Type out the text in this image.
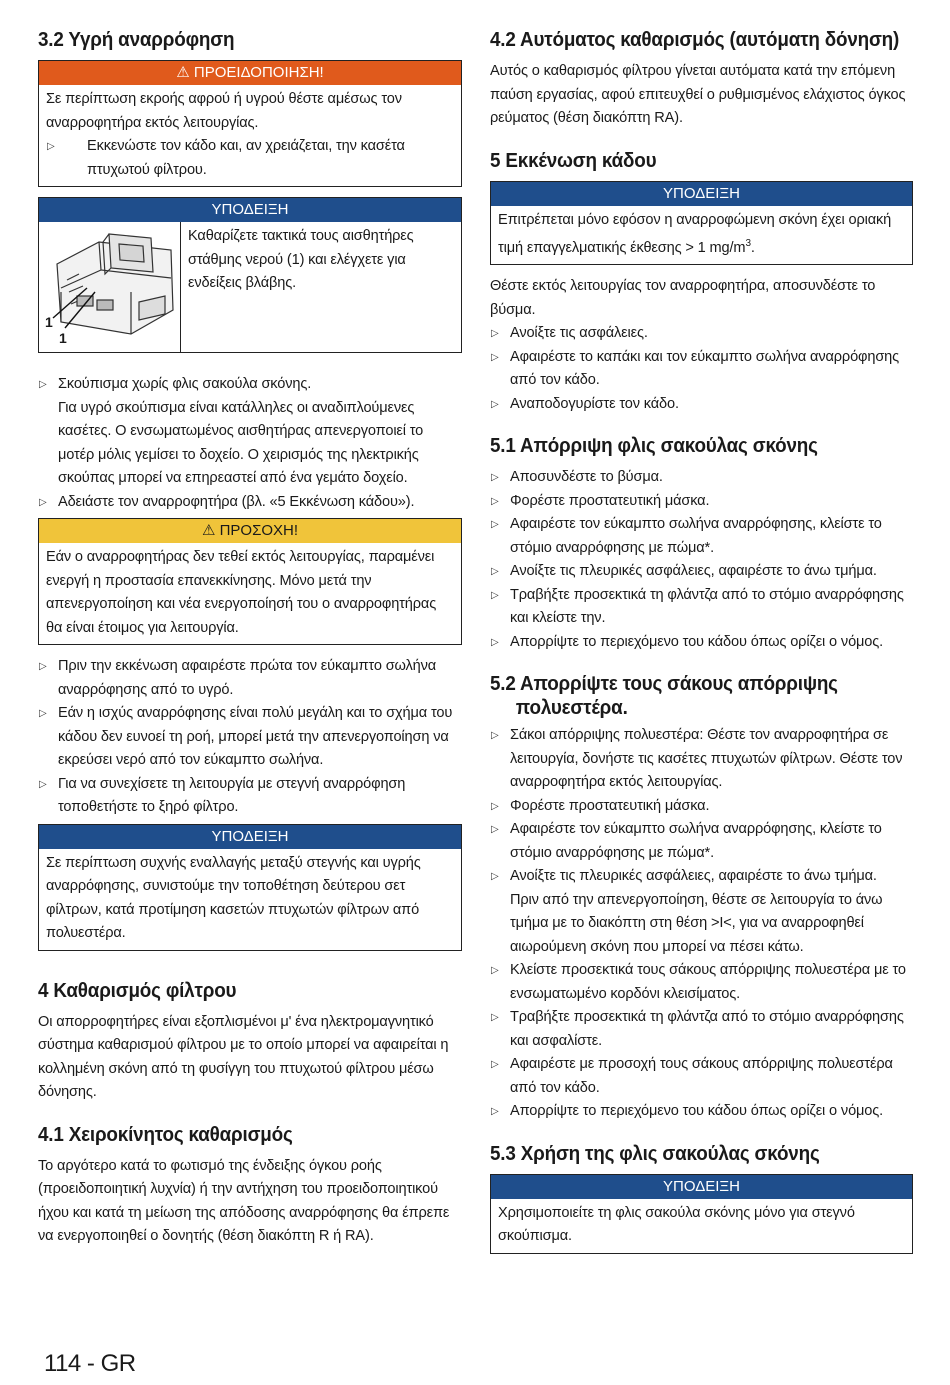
3.2 Υγρή αναρρόφηση
⚠ ΠΡΟΕΙΔΟΠΟΙΗΣΗ!
Σε περίπτωση εκροής αφρού ή υγρού θέστε αμέσως τον αναρροφητήρα εκτός λειτουργίας.
▷ Εκκενώστε τον κάδο και, αν χρειάζεται, την κασέτα πτυχωτού φίλτρου.
ΥΠΟΔΕΙΞΗ
1
1
Καθαρίζετε τακτικά τους αισθητήρες στάθμης νερού (1) και ελέγχετε για ενδείξεις βλάβης.
▷ Σκούπισμα χωρίς φλις σακούλα σκόνης.
Για υγρό σκούπισμα είναι κατάλληλες οι αναδιπλούμενες κασέτες. Ο ενσωματωμένος αισθητήρας απενεργοποιεί το μοτέρ μόλις γεμίσει το δοχείο. Ο χειρισμός της ηλεκτρικής σκούπας μπορεί να επηρεαστεί από ένα γεμάτο δοχείο.
▷ Αδειάστε τον αναρροφητήρα (βλ. «5 Εκκένωση κάδου»).
⚠ ΠΡΟΣΟΧΗ!
Εάν ο αναρροφητήρας δεν τεθεί εκτός λειτουργίας, παραμένει ενεργή η προστασία επανεκκίνησης. Μόνο μετά την απενεργοποίηση και νέα ενεργοποίησή του ο αναρροφητήρας θα είναι έτοιμος για λειτουργία.
▷ Πριν την εκκένωση αφαιρέστε πρώτα τον εύκαμπτο σωλήνα αναρρόφησης από το υγρό.
▷ Εάν η ισχύς αναρρόφησης είναι πολύ μεγάλη και το σχήμα του κάδου δεν ευνοεί τη ροή, μπορεί μετά την απενεργοποίηση να εκρεύσει νερό από τον εύκαμπτο σωλήνα.
▷ Για να συνεχίσετε τη λειτουργία με στεγνή αναρρόφηση τοποθετήστε το ξηρό φίλτρο.
ΥΠΟΔΕΙΞΗ
Σε περίπτωση συχνής εναλλαγής μεταξύ στεγνής και υγρής αναρρόφησης, συνιστούμε την τοποθέτηση δεύτερου σετ φίλτρων, κατά προτίμηση κασετών πτυχωτών φίλτρων από πολυεστέρα.
4 Καθαρισμός φίλτρου

Οι απορροφητήρες είναι εξοπλισμένοι μ' ένα ηλεκτρομαγνητικό σύστημα καθαρισμού φίλτρου με το οποίο μπορεί να αφαιρείται η κολλημένη σκόνη από τη φυσίγγη του πτυχωτού φίλτρου μέσω δόνησης.

4.1 Χειροκίνητος καθαρισμός

Το αργότερο κατά το φωτισμό της ένδειξης όγκου ροής (προειδοποιητική λυχνία) ή την αντήχηση του προειδοποιητικού ήχου και κατά τη μείωση της απόδοσης αναρρόφησης θα έπρεπε να ενεργοποιηθεί ο δονητής (θέση διακόπτη R ή RA).

4.2 Αυτόματος καθαρισμός (αυτόματη δόνηση)

Αυτός ο καθαρισμός φίλτρου γίνεται αυτόματα κατά την επόμενη παύση εργασίας, αφού επιτευχθεί ο ρυθμισμένος ελάχιστος όγκος ρεύματος (θέση διακόπτη RA).

5 Εκκένωση κάδου
ΥΠΟΔΕΙΞΗ
Επιτρέπεται μόνο εφόσον η αναρροφώμενη σκόνη έχει οριακή τιμή επαγγελματικής έκθεσης > 1 $mg/m^3$.

Θέστε εκτός λειτουργίας τον αναρροφητήρα, αποσυνδέστε το βύσμα.

▷ Ανοίξτε τις ασφάλειες.
▷ Αφαιρέστε το καπάκι και τον εύκαμπτο σωλήνα αναρρόφησης από τον κάδο.
▷ Αναποδογυρίστε τον κάδο.
5.1 Απόρριψη φλις σακούλας σκόνης
▷ Αποσυνδέστε το βύσμα.
▷ Φορέστε προστατευτική μάσκα.
▷ Αφαιρέστε τον εύκαμπτο σωλήνα αναρρόφησης, κλείστε το στόμιο αναρρόφησης με πώμα*.
▷ Ανοίξτε τις πλευρικές ασφάλειες, αφαιρέστε το άνω τμήμα.
▷ Τραβήξτε προσεκτικά τη φλάντζα από το στόμιο αναρρόφησης και κλείστε την.
▷ Απορρίψτε το περιεχόμενο του κάδου όπως ορίζει ο νόμος.
5.2 Απορρίψτε τους σάκους απόρριψης
πολυεστέρα.
▷ Σάκοι απόρριψης πολυεστέρα: Θέστε τον αναρροφητήρα σε λειτουργία, δονήστε τις κασέτες πτυχωτών φίλτρων. Θέστε τον αναρροφητήρα εκτός λειτουργίας.
▷ Φορέστε προστατευτική μάσκα.
▷ Αφαιρέστε τον εύκαμπτο σωλήνα αναρρόφησης, κλείστε το στόμιο αναρρόφησης με πώμα*.
▷ Ανοίξτε τις πλευρικές ασφάλειες, αφαιρέστε το άνω τμήμα.
Πριν από την απενεργοποίηση, θέστε σε λειτουργία το άνω τμήμα με το διακόπτη στη θέση >I<, για να αναρροφηθεί αιωρούμενη σκόνη που μπορεί να πέσει κάτω.
▷ Κλείστε προσεκτικά τους σάκους απόρριψης πολυεστέρα με το ενσωματωμένο κορδόνι κλεισίματος.
▷ Τραβήξτε προσεκτικά τη φλάντζα από το στόμιο αναρρόφησης και ασφαλίστε.
▷ Αφαιρέστε με προσοχή τους σάκους απόρριψης πολυεστέρα από τον κάδο.
▷ Απορρίψτε το περιεχόμενο του κάδου όπως ορίζει ο νόμος.
5.3 Χρήση της φλις σακούλας σκόνης
ΥΠΟΔΕΙΞΗ
Χρησιμοποιείτε τη φλις σακούλα σκόνης μόνο για στεγνό σκούπισμα.
114 - GR
